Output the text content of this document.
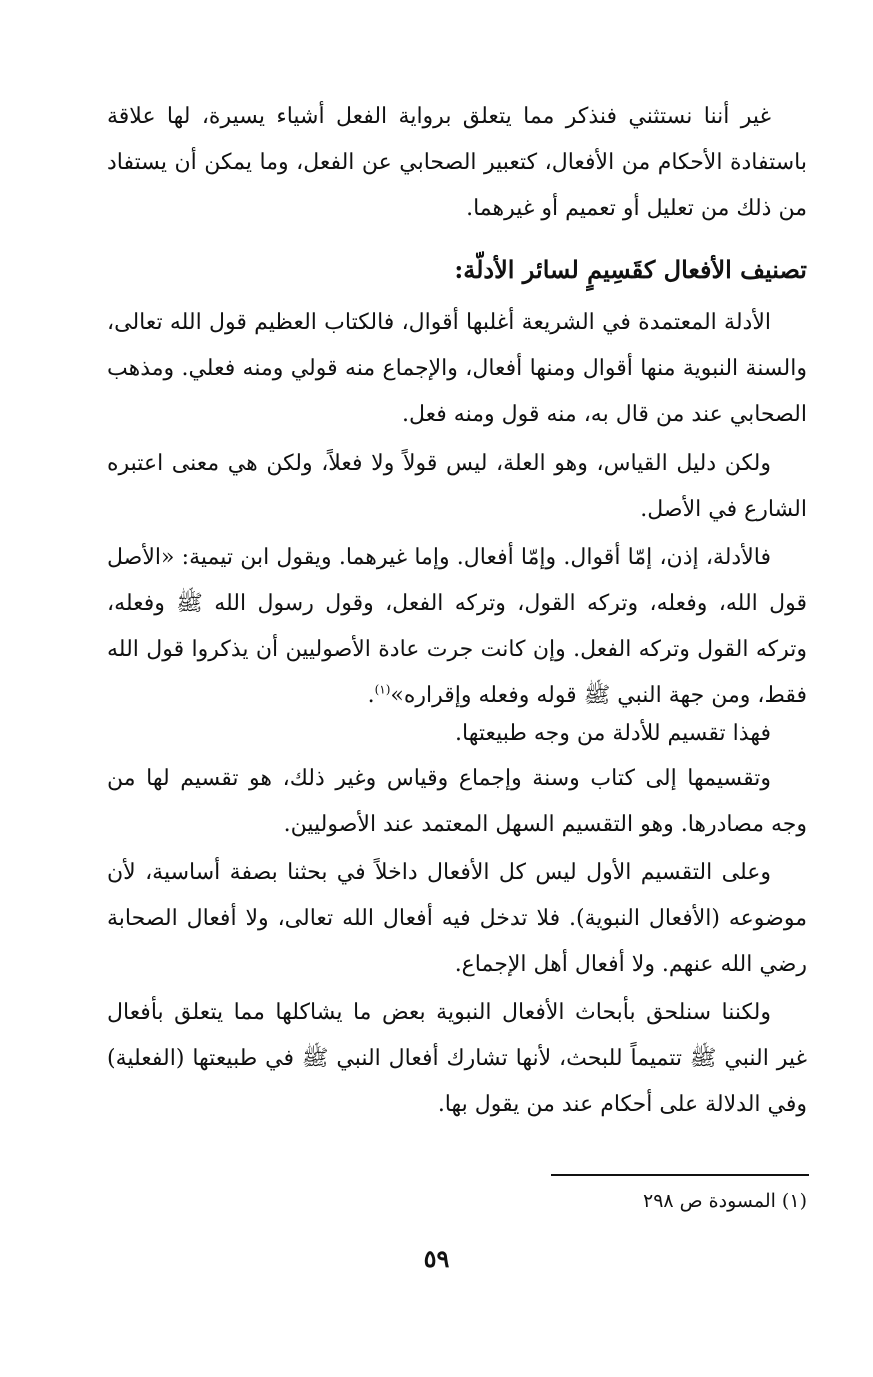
غير أننا نستثني فنذكر مما يتعلق برواية الفعل أشياء يسيرة، لها علاقة باستفادة الأحكام من الأفعال، كتعبير الصحابي عن الفعل، وما يمكن أن يستفاد من ذلك من تعليل أو تعميم أو غيرهما.

تصنيف الأفعال كقَسِيمٍ لسائر الأدلّة:

الأدلة المعتمدة في الشريعة أغلبها أقوال، فالكتاب العظيم قول الله تعالى، والسنة النبوية منها أقوال ومنها أفعال، والإجماع منه قولي ومنه فعلي. ومذهب الصحابي عند من قال به، منه قول ومنه فعل.

ولكن دليل القياس، وهو العلة، ليس قولاً ولا فعلاً، ولكن هي معنى اعتبره الشارع في الأصل.

فالأدلة، إذن، إمّا أقوال. وإمّا أفعال. وإما غيرهما. ويقول ابن تيمية: «الأصل قول الله، وفعله، وتركه القول، وتركه الفعل، وقول رسول الله ﷺ وفعله، وتركه القول وتركه الفعل. وإن كانت جرت عادة الأصوليين أن يذكروا قول الله فقط، ومن جهة النبي ﷺ قوله وفعله وإقراره»$^{(١)}$.

فهذا تقسيم للأدلة من وجه طبيعتها.

وتقسيمها إلى كتاب وسنة وإجماع وقياس وغير ذلك، هو تقسيم لها من وجه مصادرها. وهو التقسيم السهل المعتمد عند الأصوليين.

وعلى التقسيم الأول ليس كل الأفعال داخلاً في بحثنا بصفة أساسية، لأن موضوعه (الأفعال النبوية). فلا تدخل فيه أفعال الله تعالى، ولا أفعال الصحابة رضي الله عنهم. ولا أفعال أهل الإجماع.

ولكننا سنلحق بأبحاث الأفعال النبوية بعض ما يشاكلها مما يتعلق بأفعال غير النبي ﷺ تتميماً للبحث، لأنها تشارك أفعال النبي ﷺ في طبيعتها (الفعلية) وفي الدلالة على أحكام عند من يقول بها.

(١) المسودة ص ٢٩٨
٥٩
